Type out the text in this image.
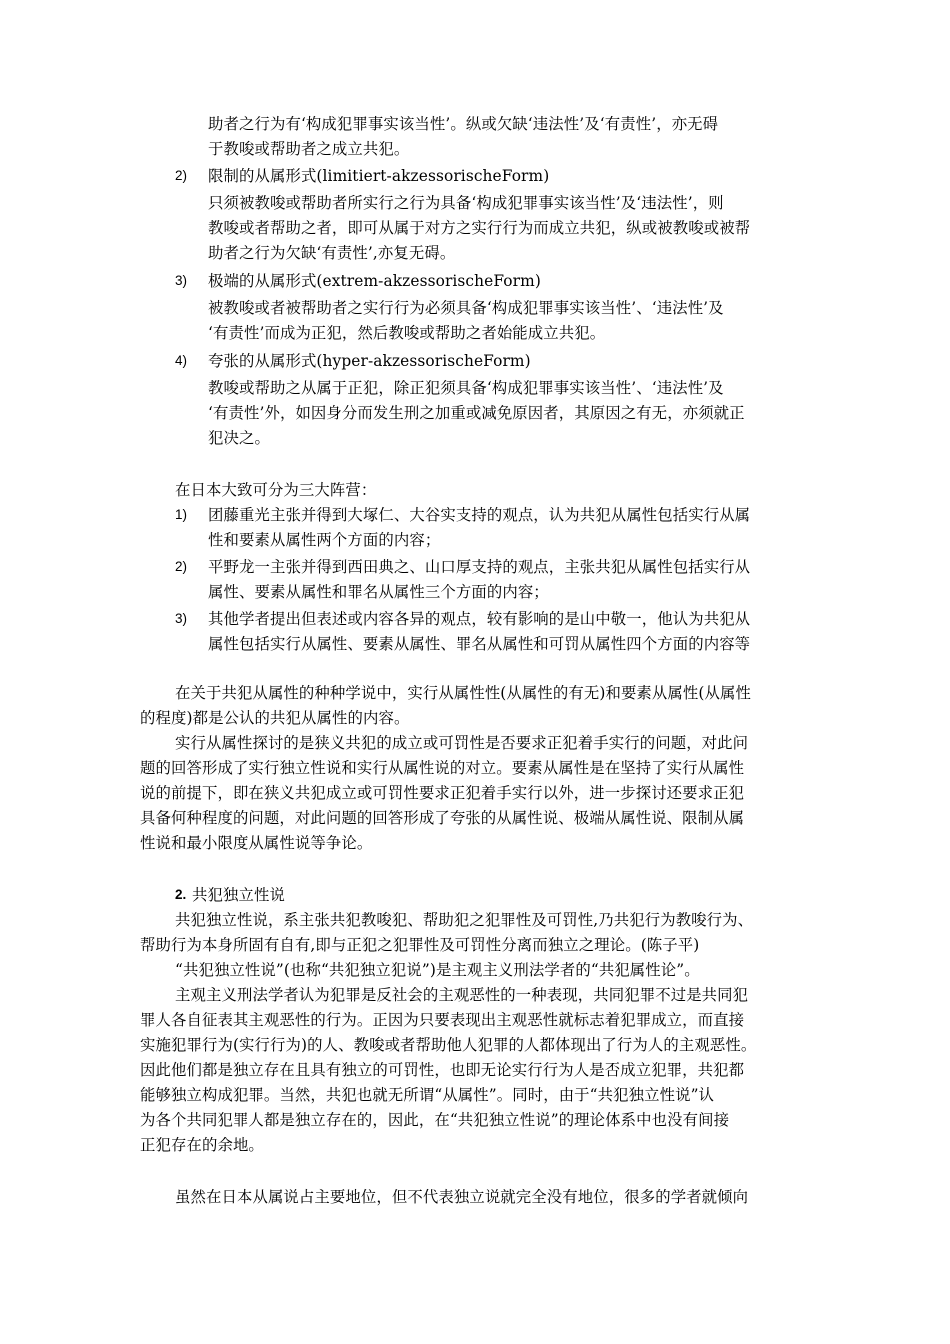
助者之行为有‘构成犯罪事实该当性’。纵或欠缺‘违法性’及‘有责性’，亦无碍
于教唆或帮助者之成立共犯。
2) 限制的从属形式(limitiert-akzessorischeForm)
只须被教唆或帮助者所实行之行为具备‘构成犯罪事实该当性’及‘违法性’，则
教唆或者帮助之者，即可从属于对方之实行行为而成立共犯，纵或被教唆或被帮
助者之行为欠缺‘有责性’,亦复无碍。
3) 极端的从属形式(extrem-akzessorischeForm)
被教唆或者被帮助者之实行行为必须具备‘构成犯罪事实该当性’、‘违法性’及
‘有责性’而成为正犯，然后教唆或帮助之者始能成立共犯。
4) 夸张的从属形式(hyper-akzessorischeForm)
教唆或帮助之从属于正犯，除正犯须具备‘构成犯罪事实该当性’、‘违法性’及
‘有责性’外，如因身分而发生刑之加重或减免原因者，其原因之有无，亦须就正
犯决之。
在日本大致可分为三大阵营：
1) 团藤重光主张并得到大塚仁、大谷实支持的观点，认为共犯从属性包括实行从属
性和要素从属性两个方面的内容；
2) 平野龙一主张并得到西田典之、山口厚支持的观点，主张共犯从属性包括实行从
属性、要素从属性和罪名从属性三个方面的内容；
3) 其他学者提出但表述或内容各异的观点，较有影响的是山中敬一，他认为共犯从
属性包括实行从属性、要素从属性、罪名从属性和可罚从属性四个方面的内容等
在关于共犯从属性的种种学说中，实行从属性性(从属性的有无)和要素从属性(从属性
的程度)都是公认的共犯从属性的内容。
实行从属性探讨的是狭义共犯的成立或可罚性是否要求正犯着手实行的问题，对此问
题的回答形成了实行独立性说和实行从属性说的对立。要素从属性是在坚持了实行从属性
说的前提下，即在狭义共犯成立或可罚性要求正犯着手实行以外，进一步探讨还要求正犯
具备何种程度的问题，对此问题的回答形成了夸张的从属性说、极端从属性说、限制从属
性说和最小限度从属性说等争论。
2. 共犯独立性说
共犯独立性说，系主张共犯教唆犯、帮助犯之犯罪性及可罚性,乃共犯行为教唆行为、
帮助行为本身所固有自有,即与正犯之犯罪性及可罚性分离而独立之理论。(陈子平)
“共犯独立性说”(也称“共犯独立犯说”)是主观主义刑法学者的“共犯属性论”。
主观主义刑法学者认为犯罪是反社会的主观恶性的一种表现，共同犯罪不过是共同犯
罪人各自征表其主观恶性的行为。正因为只要表现出主观恶性就标志着犯罪成立，而直接
实施犯罪行为(实行行为)的人、教唆或者帮助他人犯罪的人都体现出了行为人的主观恶性。
因此他们都是独立存在且具有独立的可罚性，也即无论实行行为人是否成立犯罪，共犯都
能够独立构成犯罪。当然，共犯也就无所谓“从属性”。同时，由于“共犯独立性说”认
为各个共同犯罪人都是独立存在的，因此，在“共犯独立性说”的理论体系中也没有间接
正犯存在的余地。
虽然在日本从属说占主要地位，但不代表独立说就完全没有地位，很多的学者就倾向
